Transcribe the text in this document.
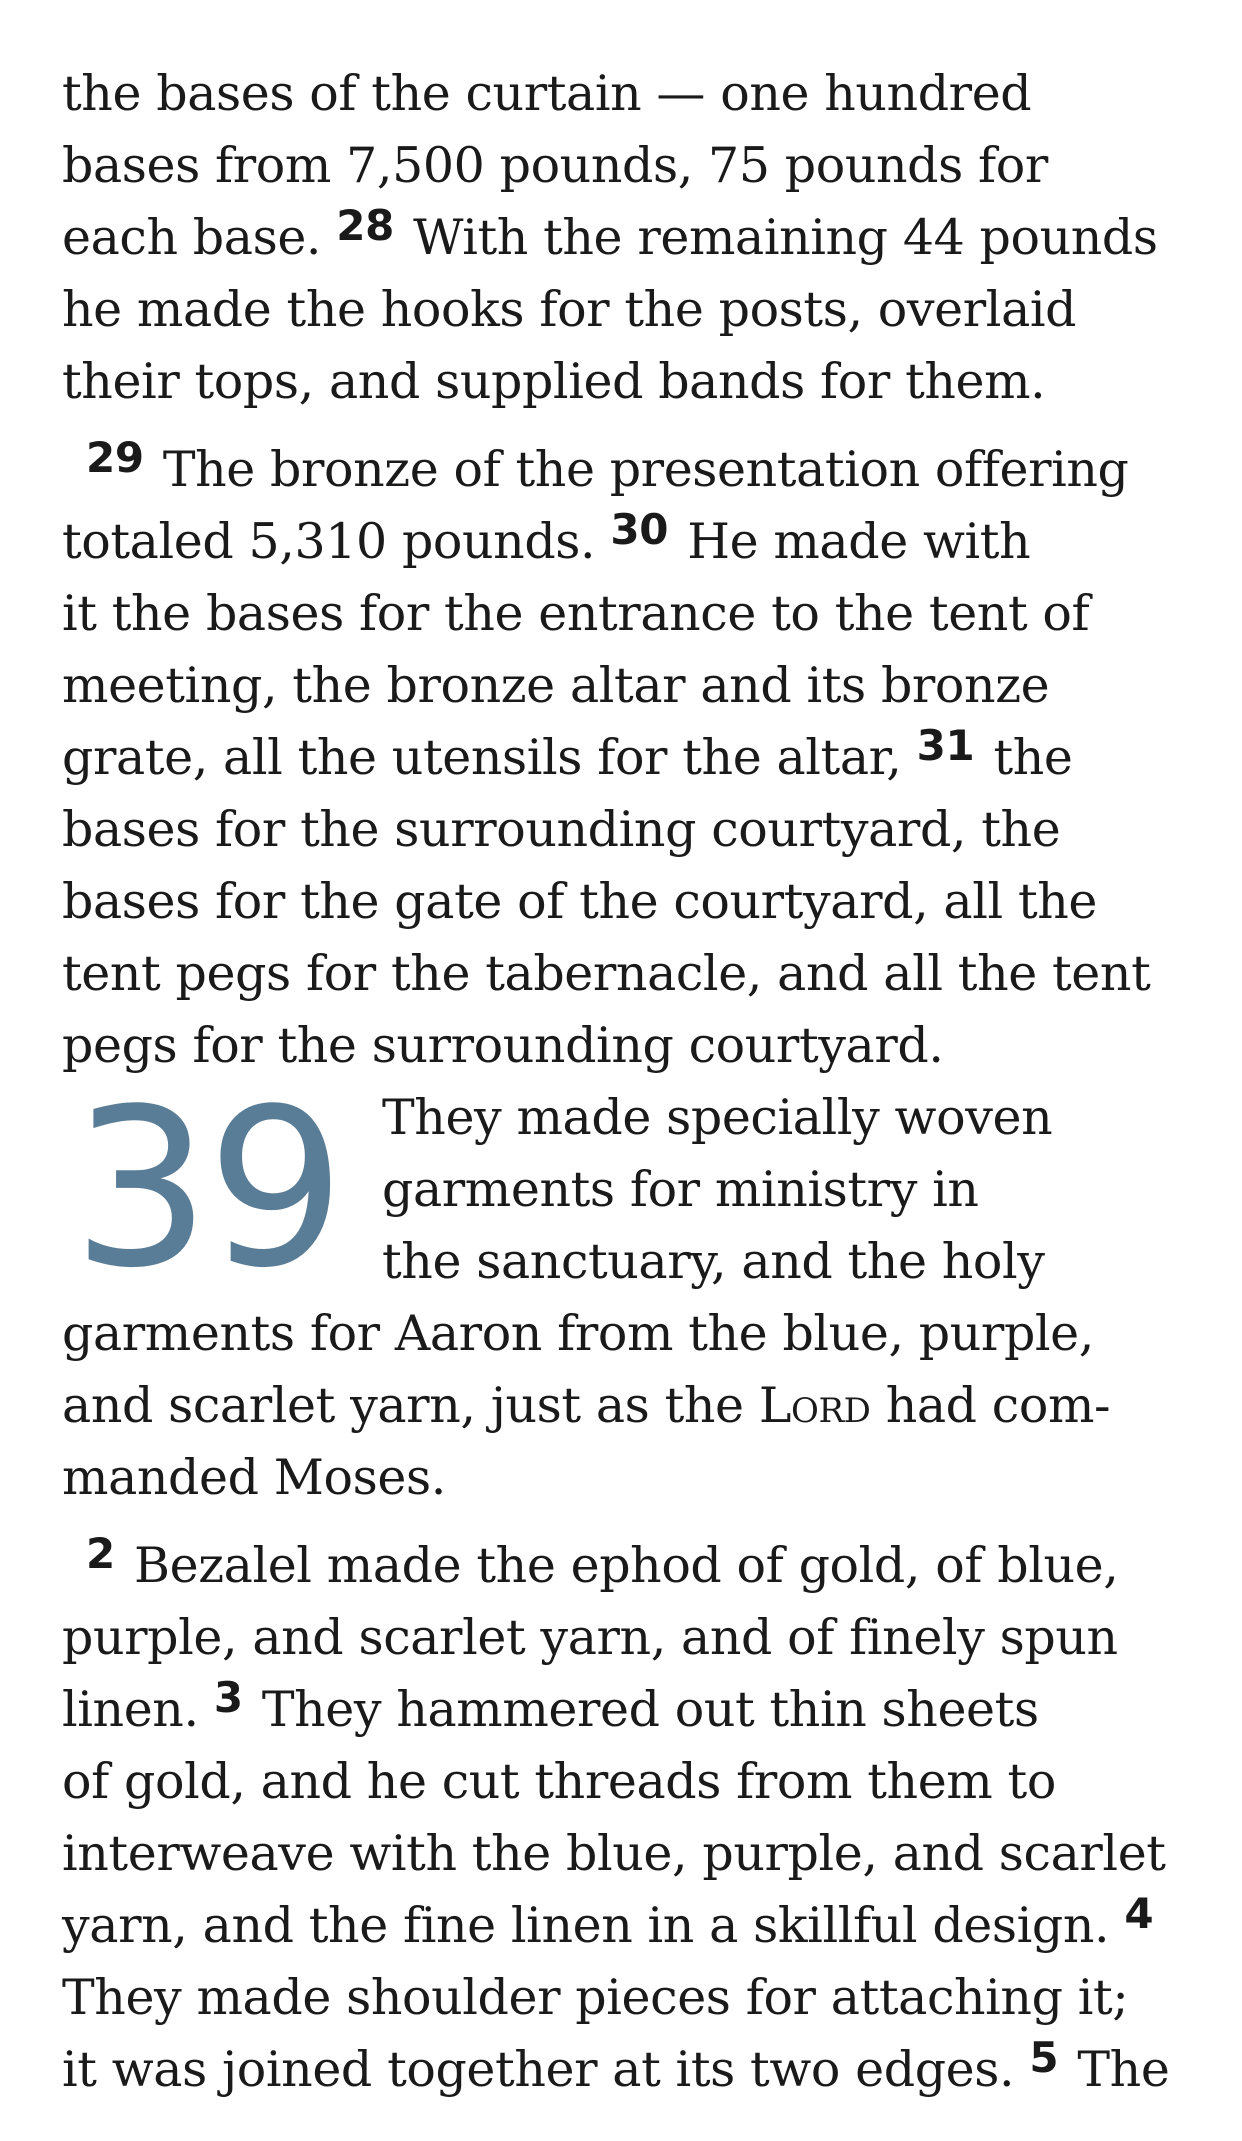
the bases of the curtain — one hundred
bases from 7,500 pounds, 75 pounds for
each base. 28 With the remaining 44 pounds
he made the hooks for the posts, overlaid
their tops, and supplied bands for them.
29 The bronze of the presentation offering
totaled 5,310 pounds. 30 He made with
it the bases for the entrance to the tent of
meeting, the bronze altar and its bronze
grate, all the utensils for the altar, 31 the
bases for the surrounding courtyard, the
bases for the gate of the courtyard, all the
tent pegs for the tabernacle, and all the tent
pegs for the surrounding courtyard.
39 They made specially woven
garments for ministry in
the sanctuary, and the holy
garments for Aaron from the blue, purple,
and scarlet yarn, just as the Lord had com-
manded Moses.
2 Bezalel made the ephod of gold, of blue,
purple, and scarlet yarn, and of finely spun
linen. 3 They hammered out thin sheets
of gold, and he cut threads from them to
interweave with the blue, purple, and scarlet
yarn, and the fine linen in a skillful design. 4
They made shoulder pieces for attaching it;
it was joined together at its two edges. 5 The
